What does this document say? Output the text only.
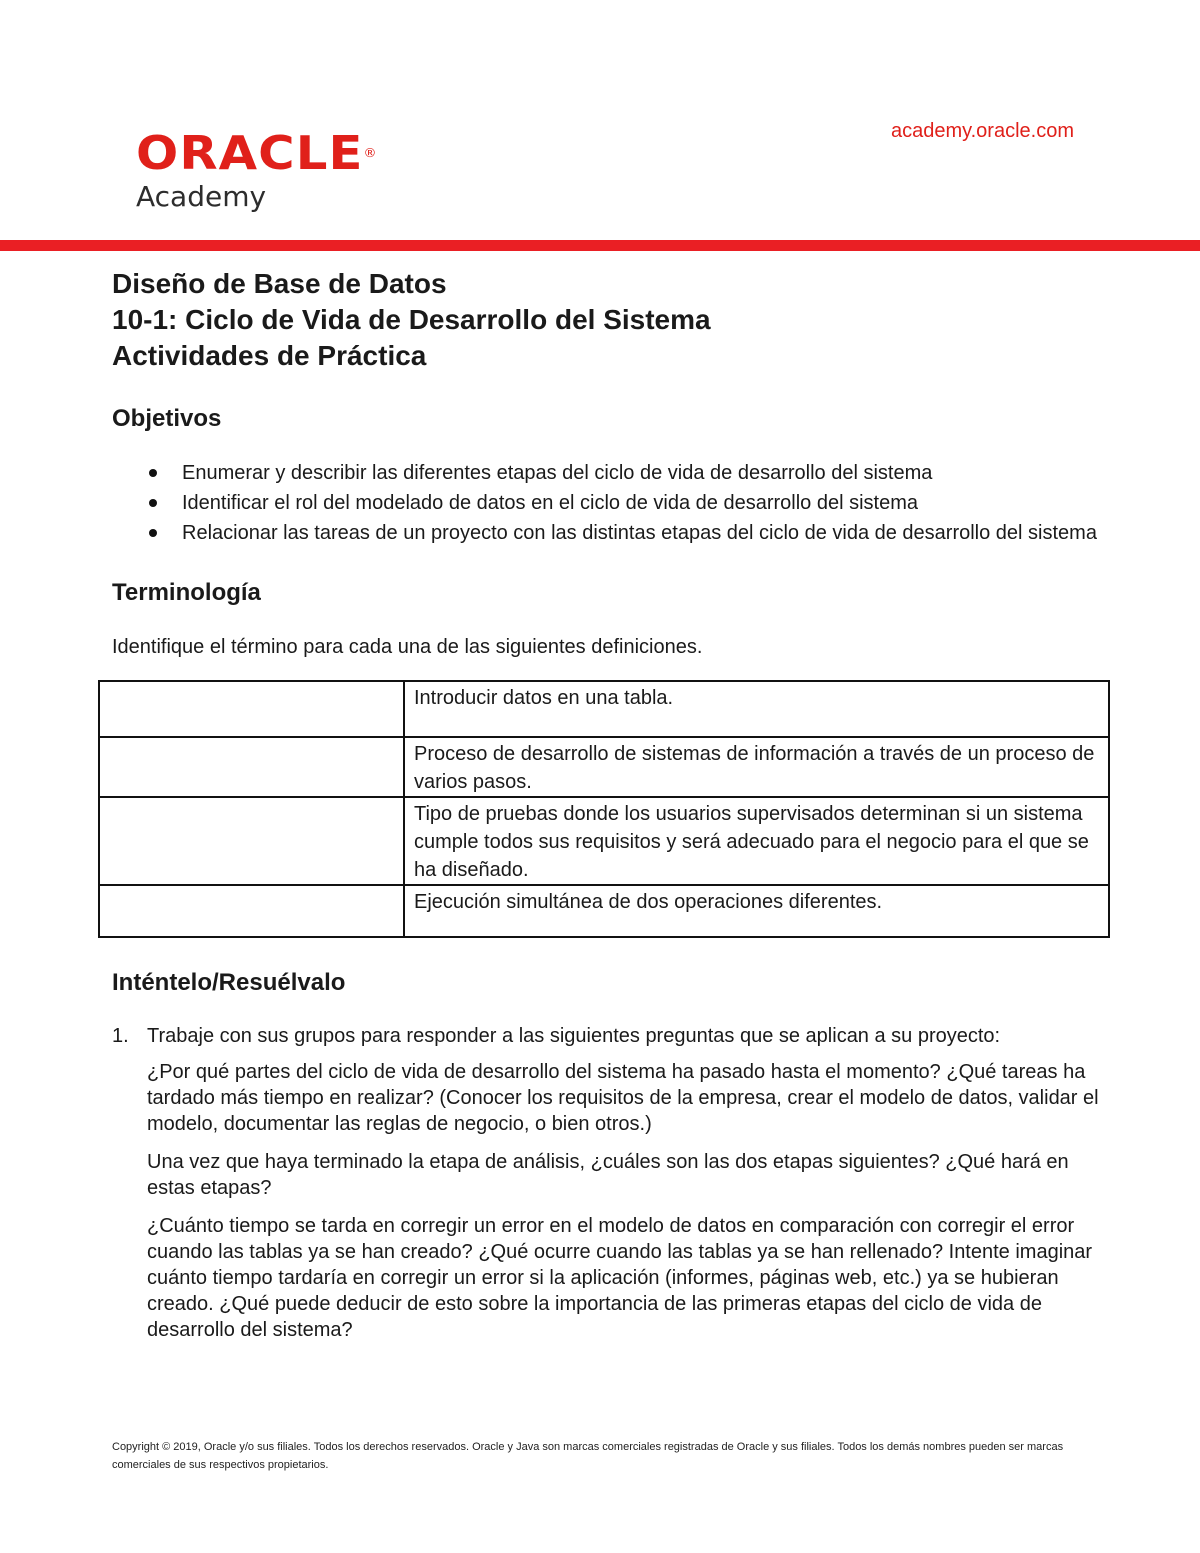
ORACLE®
Academy
academy.oracle.com
Diseño de Base de Datos
10-1: Ciclo de Vida de Desarrollo del Sistema
Actividades de Práctica
Objetivos
Enumerar y describir las diferentes etapas del ciclo de vida de desarrollo del sistema
Identificar el rol del modelado de datos en el ciclo de vida de desarrollo del sistema
Relacionar las tareas de un proyecto con las distintas etapas del ciclo de vida de desarrollo del sistema
Terminología

Identifique el término para cada una de las siguientes definiciones.

	Introducir datos en una tabla.
	Proceso de desarrollo de sistemas de información a través de un proceso de varios pasos.
	Tipo de pruebas donde los usuarios supervisados determinan si un sistema cumple todos sus requisitos y será adecuado para el negocio para el que se ha diseñado.
	Ejecución simultánea de dos operaciones diferentes.
Inténtelo/Resuélvalo
1. Trabaje con sus grupos para responder a las siguientes preguntas que se aplican a su proyecto:

¿Por qué partes del ciclo de vida de desarrollo del sistema ha pasado hasta el momento? ¿Qué tareas ha tardado más tiempo en realizar? (Conocer los requisitos de la empresa, crear el modelo de datos, validar el modelo, documentar las reglas de negocio, o bien otros.)

Una vez que haya terminado la etapa de análisis, ¿cuáles son las dos etapas siguientes? ¿Qué hará en estas etapas?

¿Cuánto tiempo se tarda en corregir un error en el modelo de datos en comparación con corregir el error cuando las tablas ya se han creado? ¿Qué ocurre cuando las tablas ya se han rellenado? Intente imaginar cuánto tiempo tardaría en corregir un error si la aplicación (informes, páginas web, etc.) ya se hubieran creado. ¿Qué puede deducir de esto sobre la importancia de las primeras etapas del ciclo de vida de desarrollo del sistema?

Copyright © 2019, Oracle y/o sus filiales. Todos los derechos reservados. Oracle y Java son marcas comerciales registradas de Oracle y sus filiales. Todos los demás nombres pueden ser marcas comerciales de sus respectivos propietarios.
